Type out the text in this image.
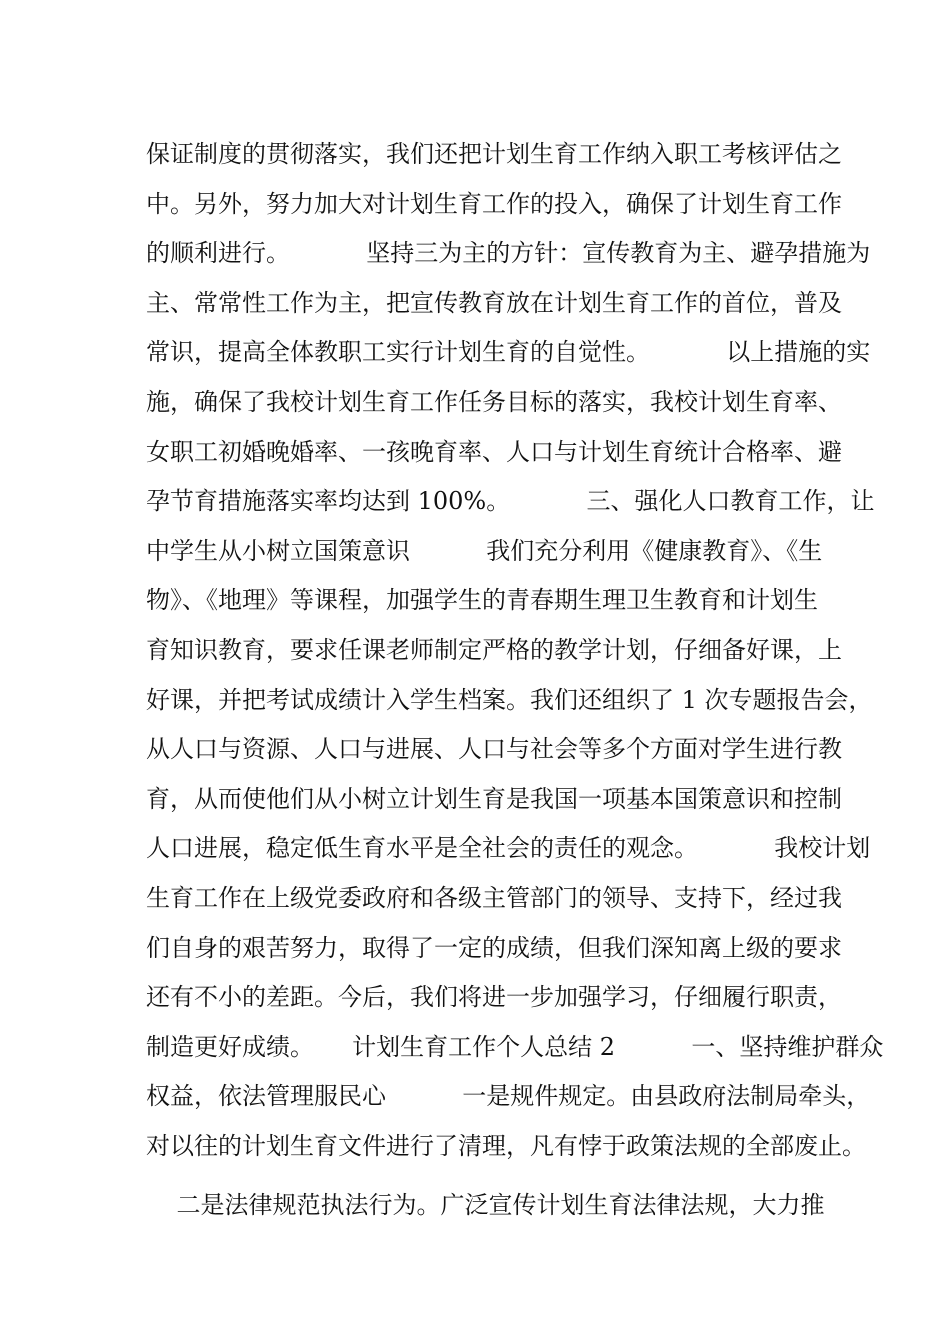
保证制度的贯彻落实，我们还把计划生育工作纳入职工考核评估之
中。另外，努力加大对计划生育工作的投入，确保了计划生育工作
的顺利进行。          坚持三为主的方针：宣传教育为主、避孕措施为
主、常常性工作为主，把宣传教育放在计划生育工作的首位，普及
常识，提高全体教职工实行计划生育的自觉性。          以上措施的实
施，确保了我校计划生育工作任务目标的落实，我校计划生育率、
女职工初婚晚婚率、一孩晚育率、人口与计划生育统计合格率、避
孕节育措施落实率均达到 100%。          三、强化人口教育工作，让
中学生从小树立国策意识          我们充分利用《健康教育》、《生
物》、《地理》等课程，加强学生的青春期生理卫生教育和计划生
育知识教育，要求任课老师制定严格的教学计划，仔细备好课，上
好课，并把考试成绩计入学生档案。我们还组织了 1 次专题报告会，
从人口与资源、人口与进展、人口与社会等多个方面对学生进行教
育，从而使他们从小树立计划生育是我国一项基本国策意识和控制
人口进展，稳定低生育水平是全社会的责任的观念。          我校计划
生育工作在上级党委政府和各级主管部门的领导、支持下，经过我
们自身的艰苦努力，取得了一定的成绩，但我们深知离上级的要求
还有不小的差距。今后，我们将进一步加强学习，仔细履行职责，
制造更好成绩。     计划生育工作个人总结 2          一、坚持维护群众
权益，依法管理服民心          一是规件规定。由县政府法制局牵头，
对以往的计划生育文件进行了清理，凡有悖于政策法规的全部废止。
二是法律规范执法行为。广泛宣传计划生育法律法规，大力推
